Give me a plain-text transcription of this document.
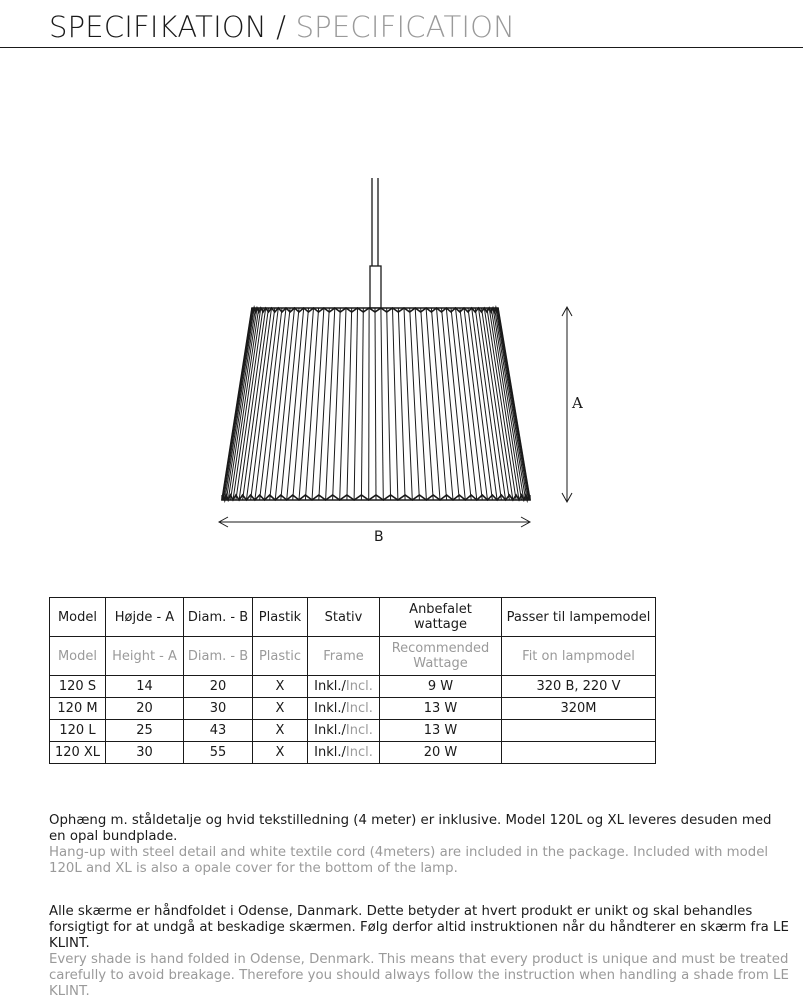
SPECIFIKATION / SPECIFICATION
A
B
Model	Højde - A	Diam. - B	Plastik	Stativ	Anbefalet wattage	Passer til lampemodel
Model	Height - A	Diam. - B	Plastic	Frame	Recommended Wattage	Fit on lampmodel
120 S	14	20	X	Inkl./Incl.	9 W	320 B, 220 V
120 M	20	30	X	Inkl./Incl.	13 W	320M
120 L	25	43	X	Inkl./Incl.	13 W	
120 XL	30	55	X	Inkl./Incl.	20 W	
Ophæng m. ståldetalje og hvid tekstilledning (4 meter) er inklusive. Model 120L og XL leveres desuden med en opal bundplade.
Hang-up with steel detail and white textile cord (4meters) are included in the package. Included with model 120L and XL is also a opale cover for the bottom of the lamp.
Alle skærme er håndfoldet i Odense, Danmark. Dette betyder at hvert produkt er unikt og skal behandles forsigtigt for at undgå at beskadige skærmen. Følg derfor altid instruktionen når du håndterer en skærm fra LE KLINT.
Every shade is hand folded in Odense, Denmark. This means that every product is unique and must be treated carefully to avoid breakage. Therefore you should always follow the instruction when handling a shade from LE KLINT.
